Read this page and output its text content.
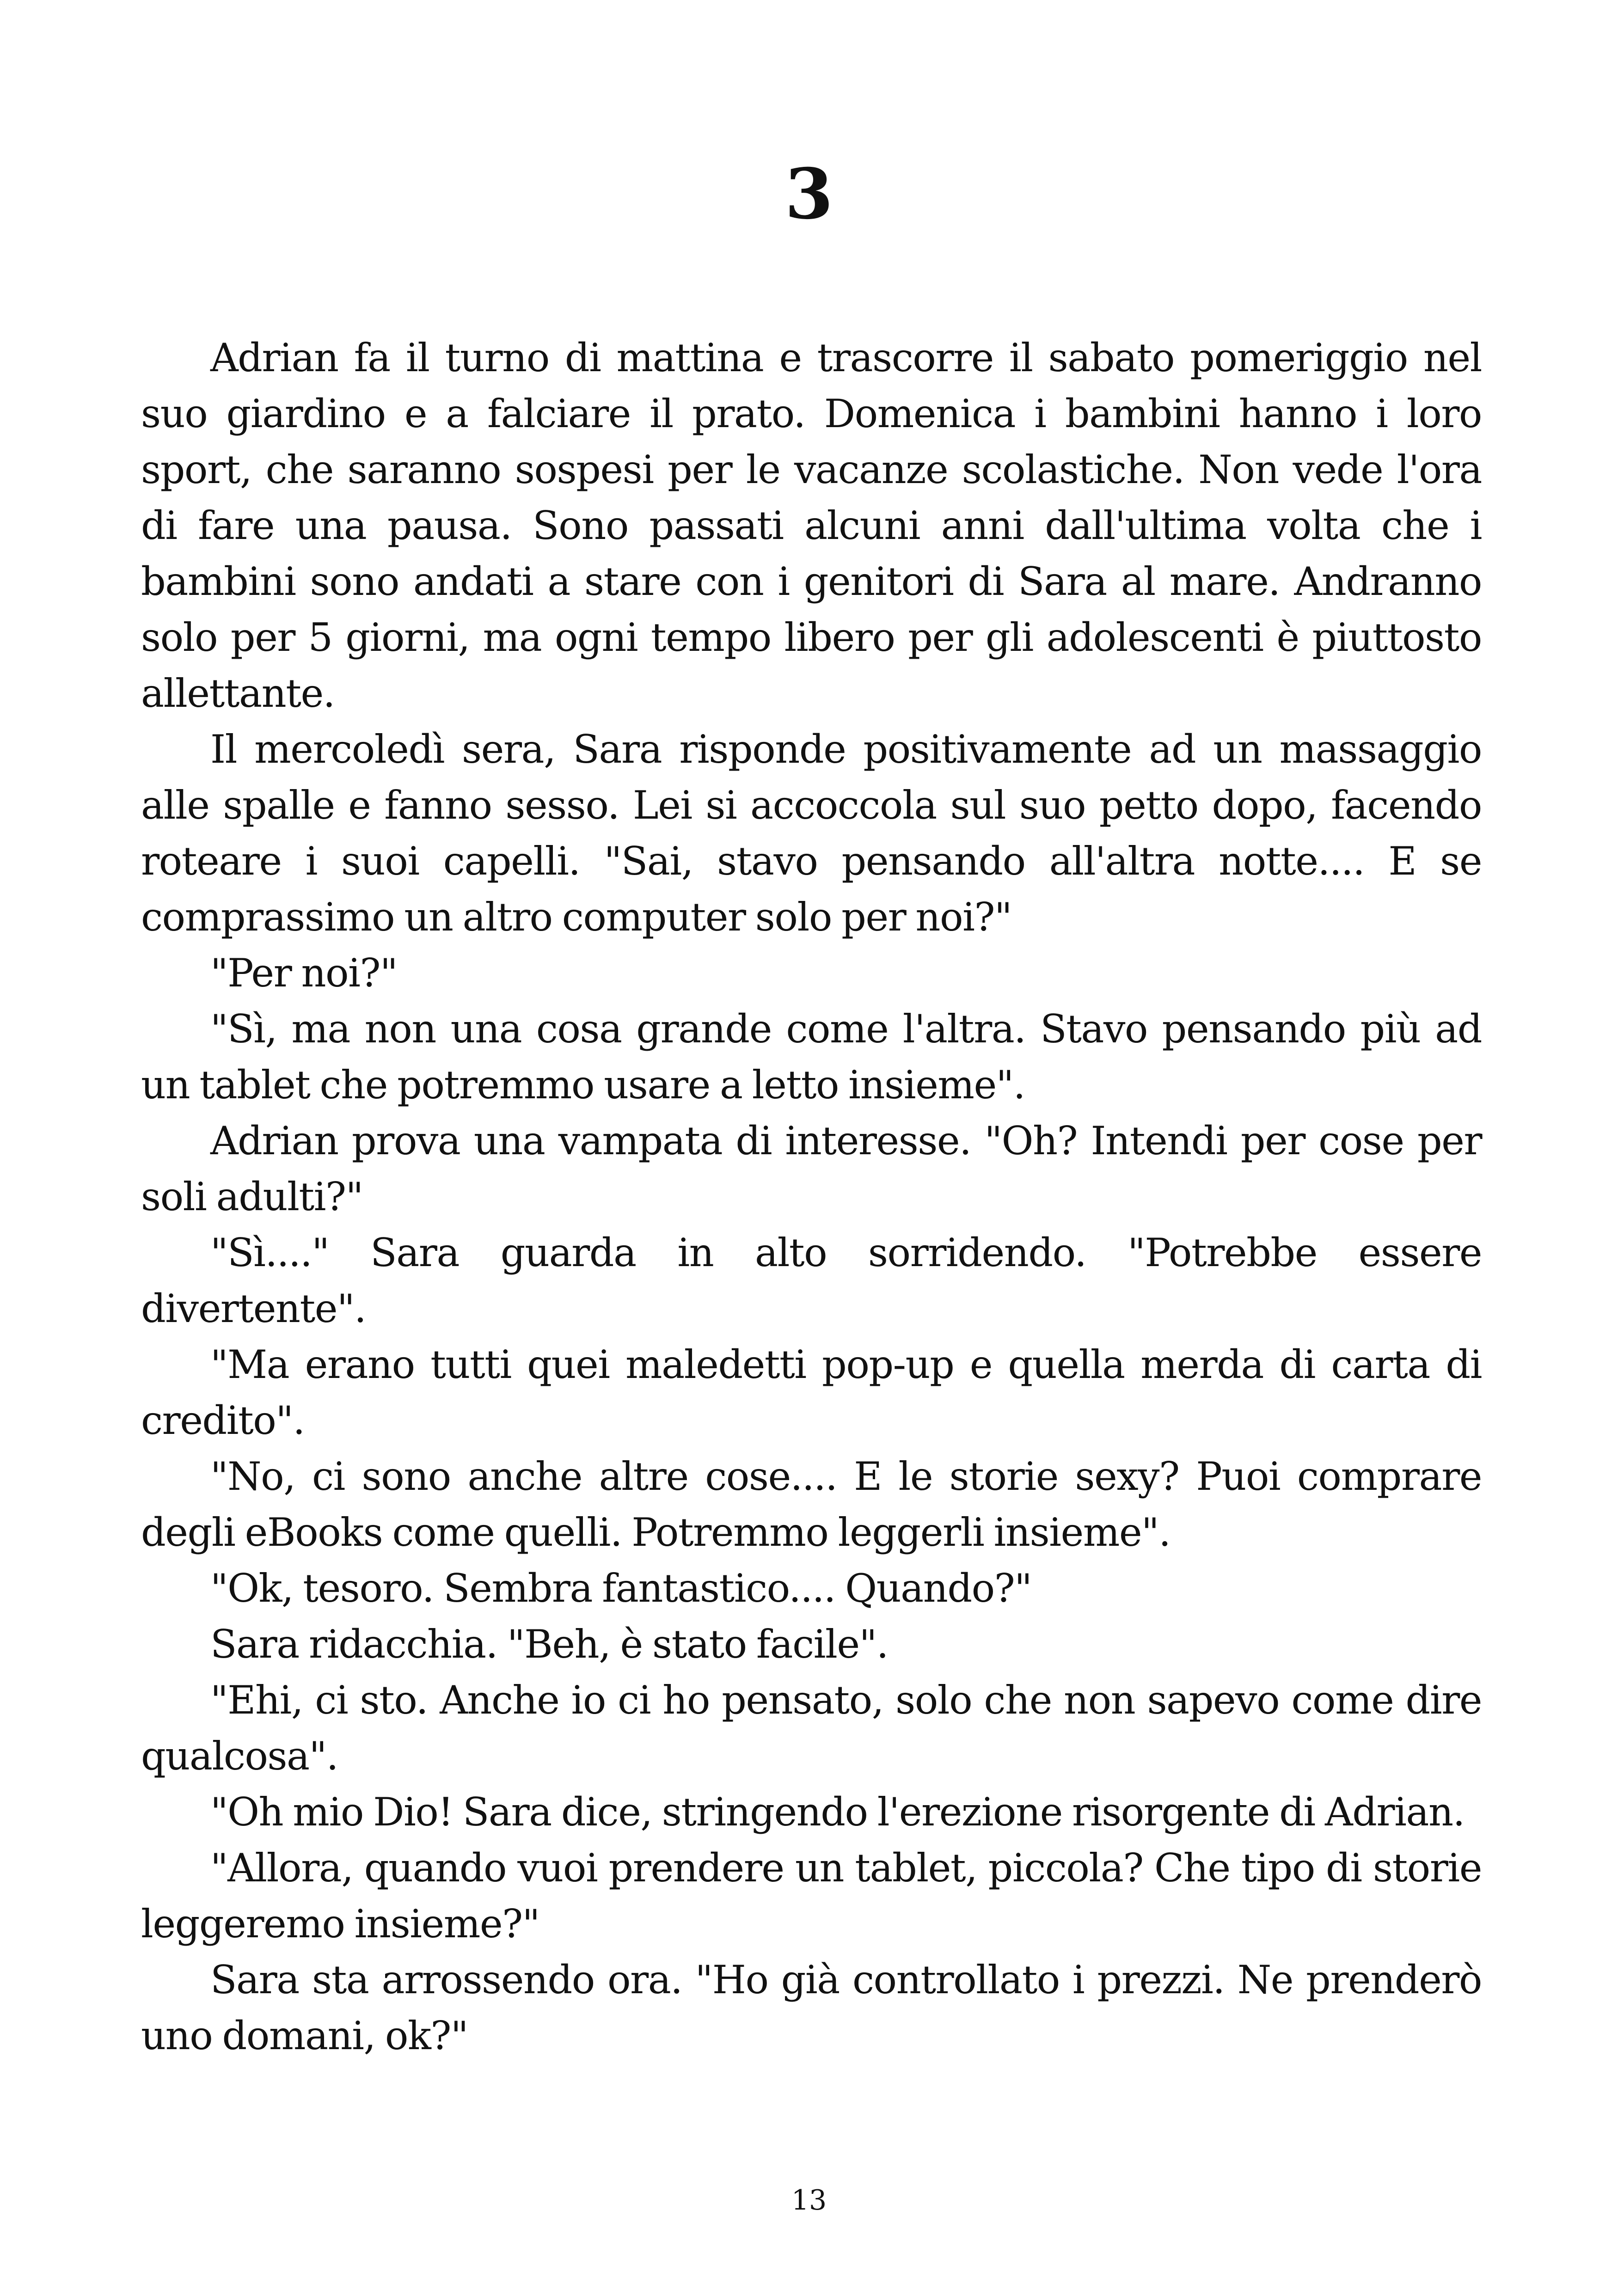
3

Adrian fa il turno di mattina e trascorre il sabato pomeriggio nel suo giardino e a falciare il prato. Domenica i bambini hanno i loro sport, che saranno sospesi per le vacanze scolastiche. Non vede l'ora di fare una pausa. Sono passati alcuni anni dall'ultima volta che i bambini sono andati a stare con i genitori di Sara al mare. Andranno solo per 5 giorni, ma ogni tempo libero per gli adolescenti è piuttosto allettante.

Il mercoledì sera, Sara risponde positivamente ad un massaggio alle spalle e fanno sesso. Lei si accoccola sul suo petto dopo, facendo roteare i suoi capelli. "Sai, stavo pensando all'altra notte.... E se comprassimo un altro computer solo per noi?"

"Per noi?"

"Sì, ma non una cosa grande come l'altra. Stavo pensando più ad un tablet che potremmo usare a letto insieme".

Adrian prova una vampata di interesse. "Oh? Intendi per cose per soli adulti?"

"Sì...." Sara guarda in alto sorridendo. "Potrebbe essere divertente".

"Ma erano tutti quei maledetti pop-up e quella merda di carta di credito".

"No, ci sono anche altre cose.... E le storie sexy? Puoi comprare degli eBooks come quelli. Potremmo leggerli insieme".

"Ok, tesoro. Sembra fantastico.... Quando?"

Sara ridacchia. "Beh, è stato facile".

"Ehi, ci sto. Anche io ci ho pensato, solo che non sapevo come dire qualcosa".

"Oh mio Dio! Sara dice, stringendo l'erezione risorgente di Adrian.

"Allora, quando vuoi prendere un tablet, piccola? Che tipo di storie leggeremo insieme?"

Sara sta arrossendo ora. "Ho già controllato i prezzi. Ne prenderò uno domani, ok?"

13
